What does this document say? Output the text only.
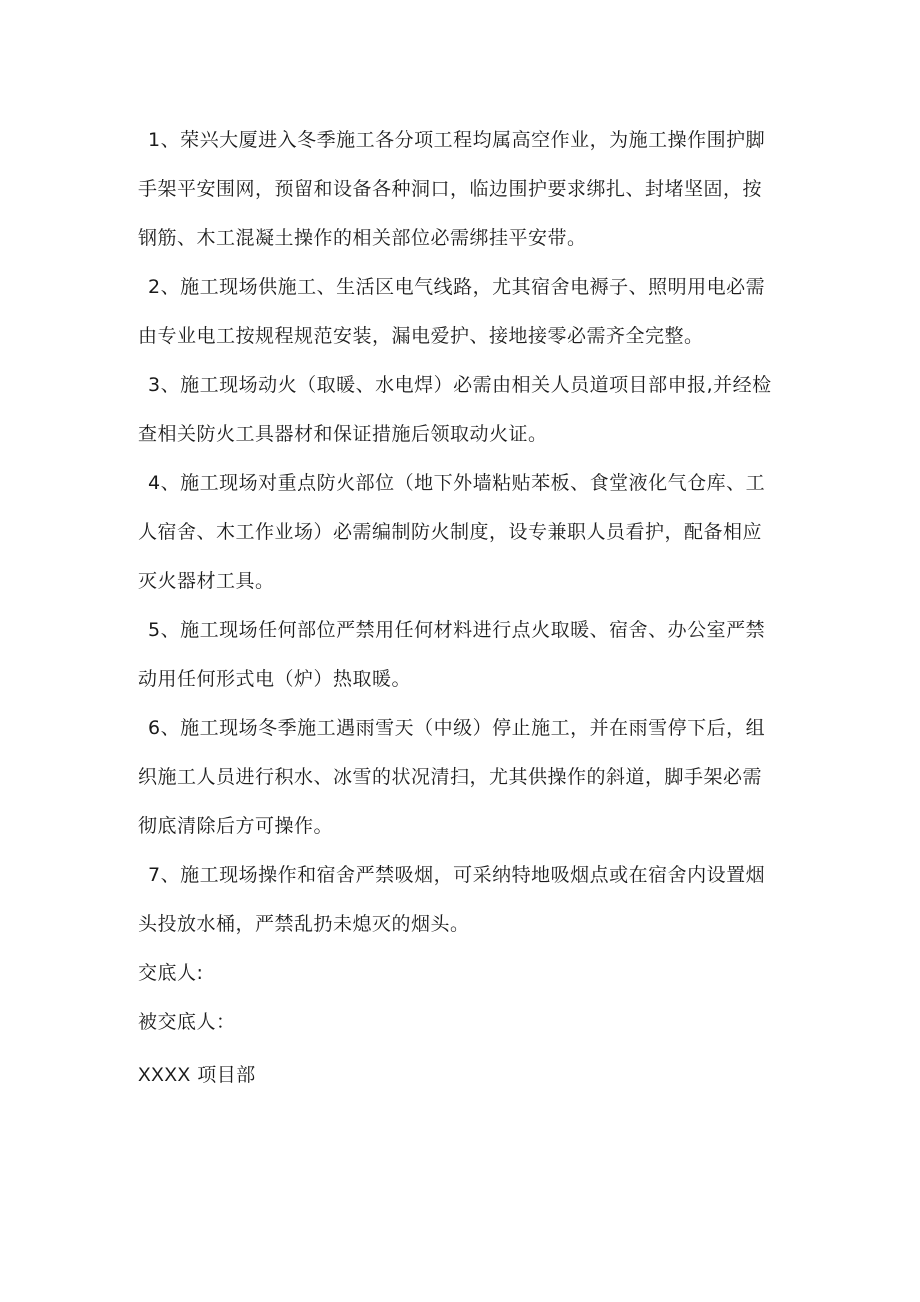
1、荣兴大厦进入冬季施工各分项工程均属高空作业，为施工操作围护脚
手架平安围网，预留和设备各种洞口，临边围护要求绑扎、封堵坚固，按
钢筋、木工混凝土操作的相关部位必需绑挂平安带。

2、施工现场供施工、生活区电气线路，尤其宿舍电褥子、照明用电必需
由专业电工按规程规范安装，漏电爱护、接地接零必需齐全完整。

3、施工现场动火（取暖、水电焊）必需由相关人员道项目部申报,并经检
查相关防火工具器材和保证措施后领取动火证。

4、施工现场对重点防火部位（地下外墙粘贴苯板、食堂液化气仓库、工
人宿舍、木工作业场）必需编制防火制度，设专兼职人员看护，配备相应
灭火器材工具。

5、施工现场任何部位严禁用任何材料进行点火取暖、宿舍、办公室严禁
动用任何形式电（炉）热取暖。

6、施工现场冬季施工遇雨雪天（中级）停止施工，并在雨雪停下后，组
织施工人员进行积水、冰雪的状况清扫，尤其供操作的斜道，脚手架必需
彻底清除后方可操作。

7、施工现场操作和宿舍严禁吸烟，可采纳特地吸烟点或在宿舍内设置烟
头投放水桶，严禁乱扔未熄灭的烟头。

交底人:

被交底人：

XXXX 项目部
